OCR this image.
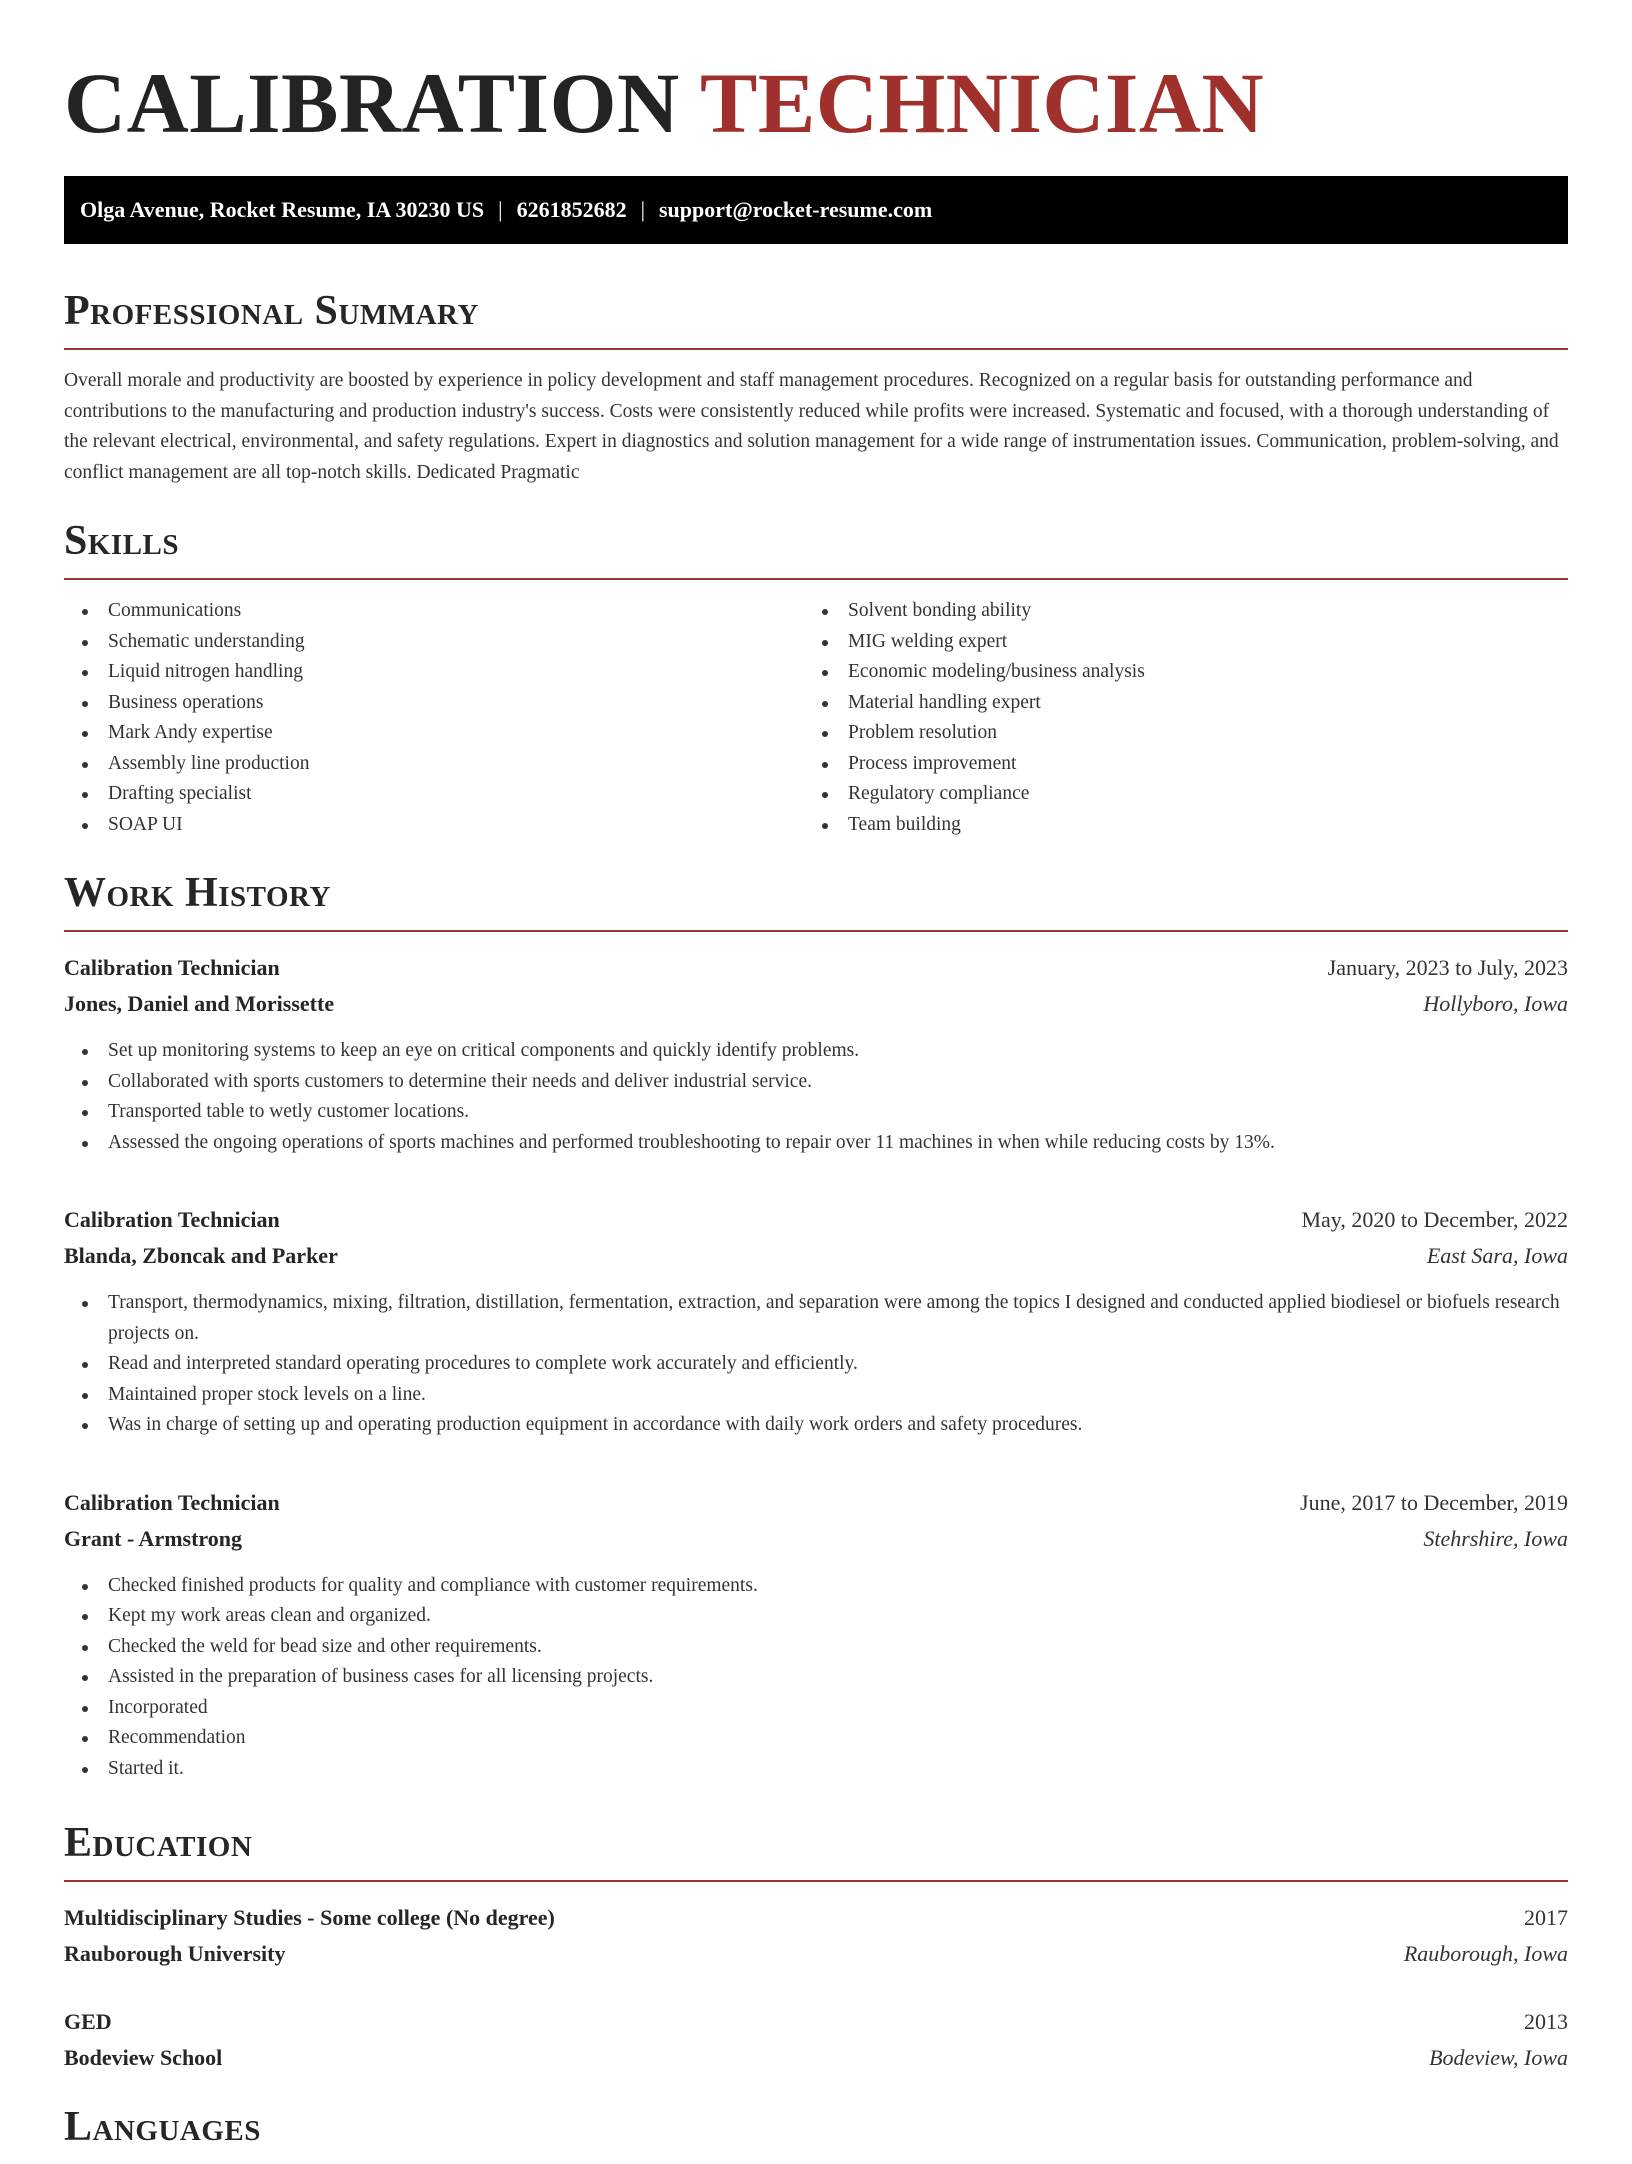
CALIBRATION TECHNICIAN
Olga Avenue, Rocket Resume, IA 30230 US | 6261852682 | support@rocket-resume.com
Professional Summary

Overall morale and productivity are boosted by experience in policy development and staff management procedures. Recognized on a regular basis for outstanding performance and contributions to the manufacturing and production industry's success. Costs were consistently reduced while profits were increased. Systematic and focused, with a thorough understanding of the relevant electrical, environmental, and safety regulations. Expert in diagnostics and solution management for a wide range of instrumentation issues. Communication, problem-solving, and conflict management are all top-notch skills. Dedicated Pragmatic

Skills
Communications
Schematic understanding
Liquid nitrogen handling
Business operations
Mark Andy expertise
Assembly line production
Drafting specialist
SOAP UI
Solvent bonding ability
MIG welding expert
Economic modeling/business analysis
Material handling expert
Problem resolution
Process improvement
Regulatory compliance
Team building
Work History
Calibration Technician	January, 2023 to July, 2023
Jones, Daniel and Morissette	Hollyboro, Iowa
Set up monitoring systems to keep an eye on critical components and quickly identify problems.
Collaborated with sports customers to determine their needs and deliver industrial service.
Transported table to wetly customer locations.
Assessed the ongoing operations of sports machines and performed troubleshooting to repair over 11 machines in when while reducing costs by 13%.
Calibration Technician	May, 2020 to December, 2022
Blanda, Zboncak and Parker	East Sara, Iowa
Transport, thermodynamics, mixing, filtration, distillation, fermentation, extraction, and separation were among the topics I designed and conducted applied biodiesel or biofuels research projects on.
Read and interpreted standard operating procedures to complete work accurately and efficiently.
Maintained proper stock levels on a line.
Was in charge of setting up and operating production equipment in accordance with daily work orders and safety procedures.
Calibration Technician	June, 2017 to December, 2019
Grant - Armstrong	Stehrshire, Iowa
Checked finished products for quality and compliance with customer requirements.
Kept my work areas clean and organized.
Checked the weld for bead size and other requirements.
Assisted in the preparation of business cases for all licensing projects.
Incorporated
Recommendation
Started it.
Education
Multidisciplinary Studies - Some college (No degree)	2017
Rauborough University	Rauborough, Iowa
GED	2013
Bodeview School	Bodeview, Iowa
Languages
